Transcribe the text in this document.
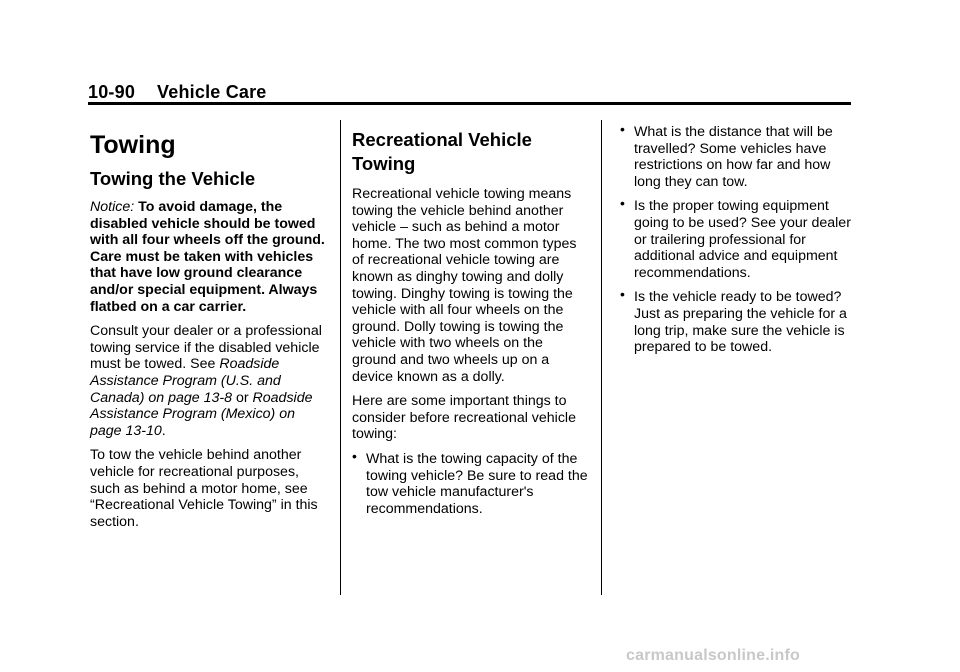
10-90 Vehicle Care
Towing
Towing the Vehicle

Notice: To avoid damage, the disabled vehicle should be towed with all four wheels off the ground. Care must be taken with vehicles that have low ground clearance and/or special equipment. Always flatbed on a car carrier.

Consult your dealer or a professional towing service if the disabled vehicle must be towed. See Roadside Assistance Program (U.S. and Canada) on page 13-8 or Roadside Assistance Program (Mexico) on page 13-10.

To tow the vehicle behind another vehicle for recreational purposes, such as behind a motor home, see “Recreational Vehicle Towing” in this section.

Recreational Vehicle Towing

Recreational vehicle towing means towing the vehicle behind another vehicle – such as behind a motor home. The two most common types of recreational vehicle towing are known as dinghy towing and dolly towing. Dinghy towing is towing the vehicle with all four wheels on the ground. Dolly towing is towing the vehicle with two wheels on the ground and two wheels up on a device known as a dolly.

Here are some important things to consider before recreational vehicle towing:

• What is the towing capacity of the towing vehicle? Be sure to read the tow vehicle manufacturer's recommendations.
• What is the distance that will be travelled? Some vehicles have restrictions on how far and how long they can tow.
• Is the proper towing equipment going to be used? See your dealer or trailering professional for additional advice and equipment recommendations.
• Is the vehicle ready to be towed? Just as preparing the vehicle for a long trip, make sure the vehicle is prepared to be towed.
carmanualsonline.info
